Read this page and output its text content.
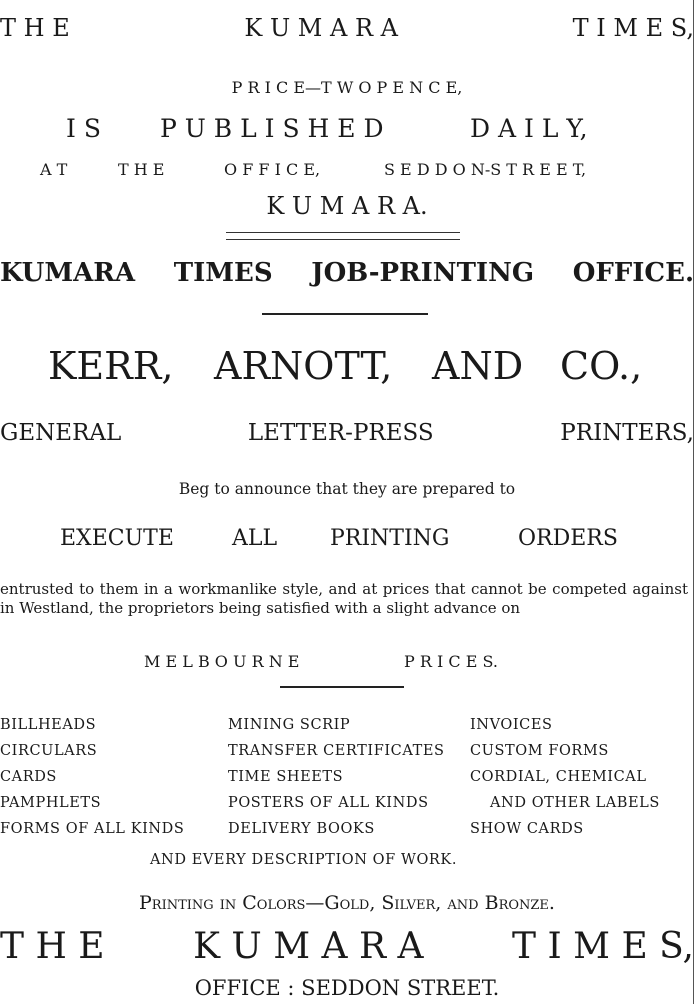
T H E	K U M A R A	T I M E S,
P R I C E—T W O P E N C E,
I S P U B L I S H E D	D A I L Y,
A T	T H E	O F F I C E,	S E D D O N-S T R E E T,
K U M A R A.
KUMARA TIMES JOB-PRINTING OFFICE.
KERR, ARNOTT, AND CO.,
GENERAL	LETTER-PRESS	PRINTERS,
Beg to announce that they are prepared to
EXECUTE	ALL PRINTING	ORDERS
entrusted to them in a workmanlike style, and at prices that cannot be competed against in Westland, the proprietors being satisfied with a slight advance on
M E L B O U R N E	P R I C E S.
BILLHEADS	MINING SCRIP	INVOICES
CIRCULARS	TRANSFER CERTIFICATES	CUSTOM FORMS
CARDS	TIME SHEETS	CORDIAL, CHEMICAL
PAMPHLETS	POSTERS OF ALL KINDS	AND OTHER LABELS
FORMS OF ALL KINDS	DELIVERY BOOKS	SHOW CARDS
AND EVERY DESCRIPTION OF WORK.
Printing in Colors—Gold, Silver, and Bronze.
T H E K U M A R A T I M E S,
OFFICE : SEDDON STREET.
